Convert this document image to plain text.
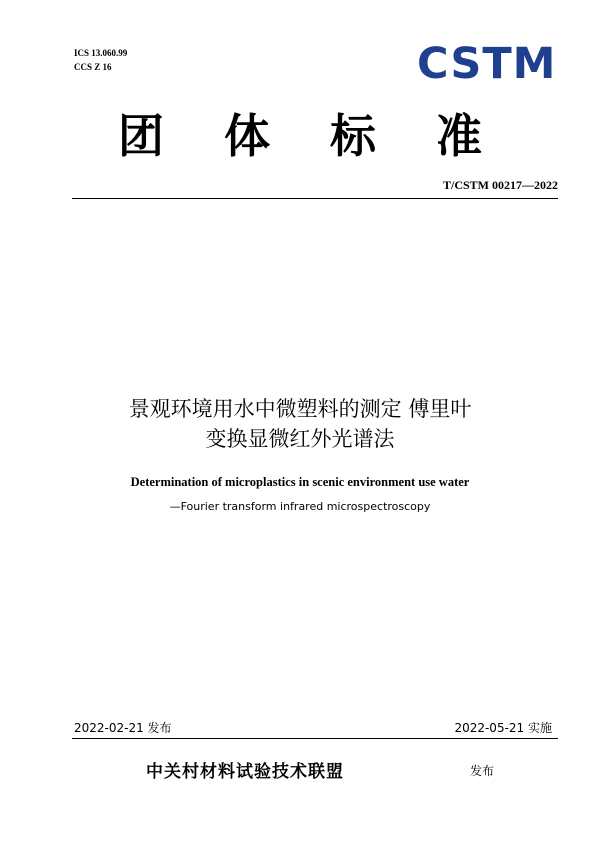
ICS 13.060.99
CCS Z 16	CSTM
团 体 标 准
T/CSTM 00217—2022
景观环境用水中微塑料的测定 傅里叶
变换显微红外光谱法
Determination of microplastics in scenic environment use water
—Fourier transform infrared microspectroscopy
2022-02-21 发布	2022-05-21 实施
中关村材料试验技术联盟	发布
